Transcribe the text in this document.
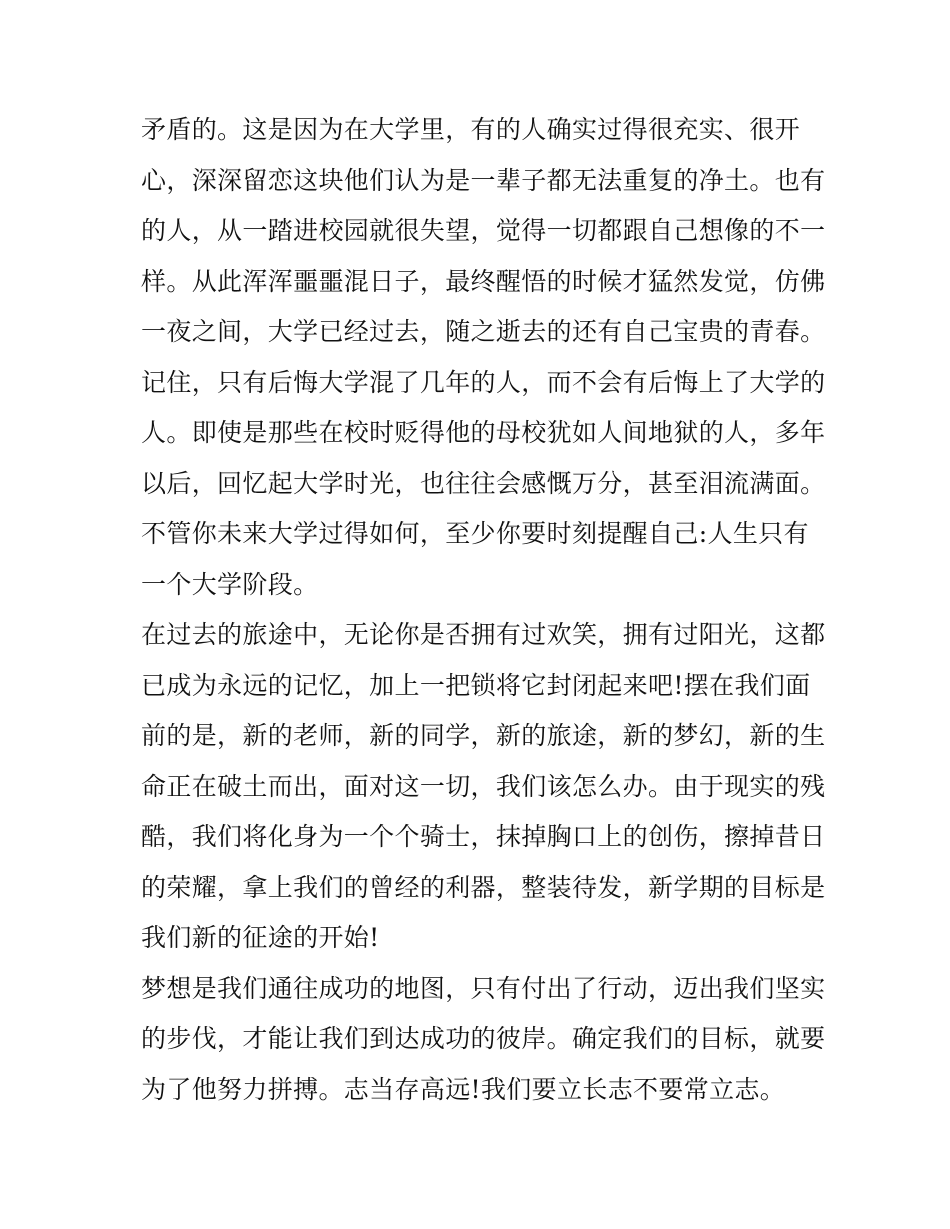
矛盾的。这是因为在大学里，有的人确实过得很充实、很开
心，深深留恋这块他们认为是一辈子都无法重复的净土。也有
的人，从一踏进校园就很失望，觉得一切都跟自己想像的不一
样。从此浑浑噩噩混日子，最终醒悟的时候才猛然发觉，仿佛
一夜之间，大学已经过去，随之逝去的还有自己宝贵的青春。
记住，只有后悔大学混了几年的人，而不会有后悔上了大学的
人。即使是那些在校时贬得他的母校犹如人间地狱的人，多年
以后，回忆起大学时光，也往往会感慨万分，甚至泪流满面。
不管你未来大学过得如何，至少你要时刻提醒自己:人生只有
一个大学阶段。
在过去的旅途中，无论你是否拥有过欢笑，拥有过阳光，这都
已成为永远的记忆，加上一把锁将它封闭起来吧!摆在我们面
前的是，新的老师，新的同学，新的旅途，新的梦幻，新的生
命正在破土而出，面对这一切，我们该怎么办。由于现实的残
酷，我们将化身为一个个骑士，抹掉胸口上的创伤，擦掉昔日
的荣耀，拿上我们的曾经的利器，整装待发，新学期的目标是
我们新的征途的开始!
梦想是我们通往成功的地图，只有付出了行动，迈出我们坚实
的步伐，才能让我们到达成功的彼岸。确定我们的目标，就要
为了他努力拼搏。志当存高远!我们要立长志不要常立志。
